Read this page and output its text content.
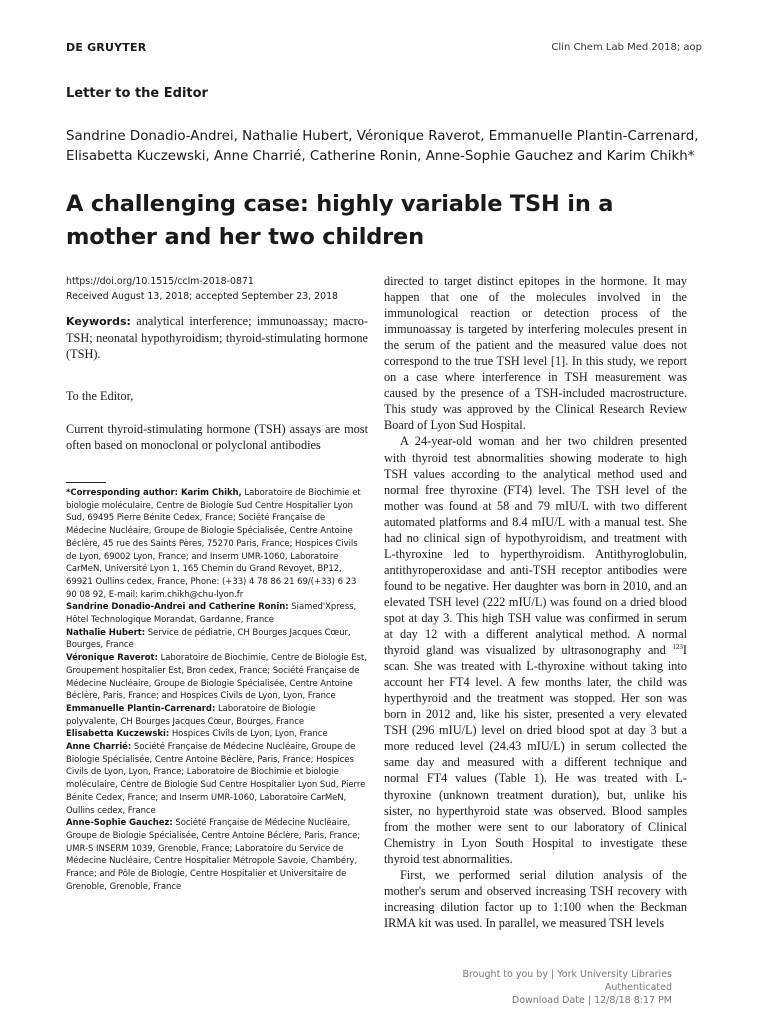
DE GRUYTER	Clin Chem Lab Med 2018; aop
Letter to the Editor
Sandrine Donadio-Andrei, Nathalie Hubert, Véronique Raverot, Emmanuelle Plantin-Carrenard, Elisabetta Kuczewski, Anne Charrié, Catherine Ronin, Anne-Sophie Gauchez and Karim Chikh*
A challenging case: highly variable TSH in a mother and her two children
https://doi.org/10.1515/cclm-2018-0871
Received August 13, 2018; accepted September 23, 2018
Keywords: analytical interference; immunoassay; macro-TSH; neonatal hypothyroidism; thyroid-stimulating hormone (TSH).
To the Editor,
Current thyroid-stimulating hormone (TSH) assays are most often based on monoclonal or polyclonal antibodies

*Corresponding author: Karim Chikh, Laboratoire de Biochimie et biologie moléculaire, Centre de Biologie Sud Centre Hospitalier Lyon Sud, 69495 Pierre Bénite Cedex, France; Société Française de Médecine Nucléaire, Groupe de Biologie Spécialisée, Centre Antoine Béclère, 45 rue des Saints Pères, 75270 Paris, France; Hospices Civils de Lyon, 69002 Lyon, France; and Inserm UMR-1060, Laboratoire CarMeN, Université Lyon 1, 165 Chemin du Grand Revoyet, BP12, 69921 Oullins cedex, France, Phone: (+33) 4 78 86 21 69/(+33) 6 23 90 08 92, E-mail: karim.chikh@chu-lyon.fr

Sandrine Donadio-Andrei and Catherine Ronin: Siamed'Xpress, Hôtel Technologique Morandat, Gardanne, France

Nathalie Hubert: Service de pédiatrie, CH Bourges Jacques Cœur, Bourges, France

Véronique Raverot: Laboratoire de Biochimie, Centre de Biologie Est, Groupement hospitalier Est, Bron cedex, France; Société Française de Médecine Nucléaire, Groupe de Biologie Spécialisée, Centre Antoine Béclère, Paris, France; and Hospices Civils de Lyon, Lyon, France

Emmanuelle Plantin-Carrenard: Laboratoire de Biologie polyvalente, CH Bourges Jacques Cœur, Bourges, France

Elisabetta Kuczewski: Hospices Civils de Lyon, Lyon, France

Anne Charrié: Société Française de Médecine Nucléaire, Groupe de Biologie Spécialisée, Centre Antoine Béclère, Paris, France; Hospices Civils de Lyon, Lyon, France; Laboratoire de Biochimie et biologie moléculaire, Centre de Biologie Sud Centre Hospitalier Lyon Sud, Pierre Bénite Cedex, France; and Inserm UMR-1060, Laboratoire CarMeN, Oullins cedex, France

Anne-Sophie Gauchez: Société Française de Médecine Nucléaire, Groupe de Biologie Spécialisée, Centre Antoine Béclère, Paris, France; UMR-S INSERM 1039, Grenoble, France; Laboratoire du Service de Médecine Nucléaire, Centre Hospitalier Métropole Savoie, Chambéry, France; and Pôle de Biologie, Centre Hospitalier et Universitaire de Grenoble, Grenoble, France

directed to target distinct epitopes in the hormone. It may happen that one of the molecules involved in the immunological reaction or detection process of the immunoassay is targeted by interfering molecules present in the serum of the patient and the measured value does not correspond to the true TSH level [1]. In this study, we report on a case where interference in TSH measurement was caused by the presence of a TSH-included macrostructure. This study was approved by the Clinical Research Review Board of Lyon Sud Hospital.

A 24-year-old woman and her two children presented with thyroid test abnormalities showing moderate to high TSH values according to the analytical method used and normal free thyroxine (FT4) level. The TSH level of the mother was found at 58 and 79 mIU/L with two different automated platforms and 8.4 mIU/L with a manual test. She had no clinical sign of hypothyroidism, and treatment with L-thyroxine led to hyperthyroidism. Antithyroglobulin, antithyroperoxidase and anti-TSH receptor antibodies were found to be negative. Her daughter was born in 2010, and an elevated TSH level (222 mIU/L) was found on a dried blood spot at day 3. This high TSH value was confirmed in serum at day 12 with a different analytical method. A normal thyroid gland was visualized by ultrasonography and $^{123}$I scan. She was treated with L-thyroxine without taking into account her FT4 level. A few months later, the child was hyperthyroid and the treatment was stopped. Her son was born in 2012 and, like his sister, presented a very elevated TSH (296 mIU/L) level on dried blood spot at day 3 but a more reduced level (24.43 mIU/L) in serum collected the same day and measured with a different technique and normal FT4 values (Table 1). He was treated with L-thyroxine (unknown treatment duration), but, unlike his sister, no hyperthyroid state was observed. Blood samples from the mother were sent to our laboratory of Clinical Chemistry in Lyon South Hospital to investigate these thyroid test abnormalities.

First, we performed serial dilution analysis of the mother's serum and observed increasing TSH recovery with increasing dilution factor up to 1:100 when the Beckman IRMA kit was used. In parallel, we measured TSH levels

Brought to you by | York University Libraries
Authenticated
Download Date | 12/8/18 8:17 PM
